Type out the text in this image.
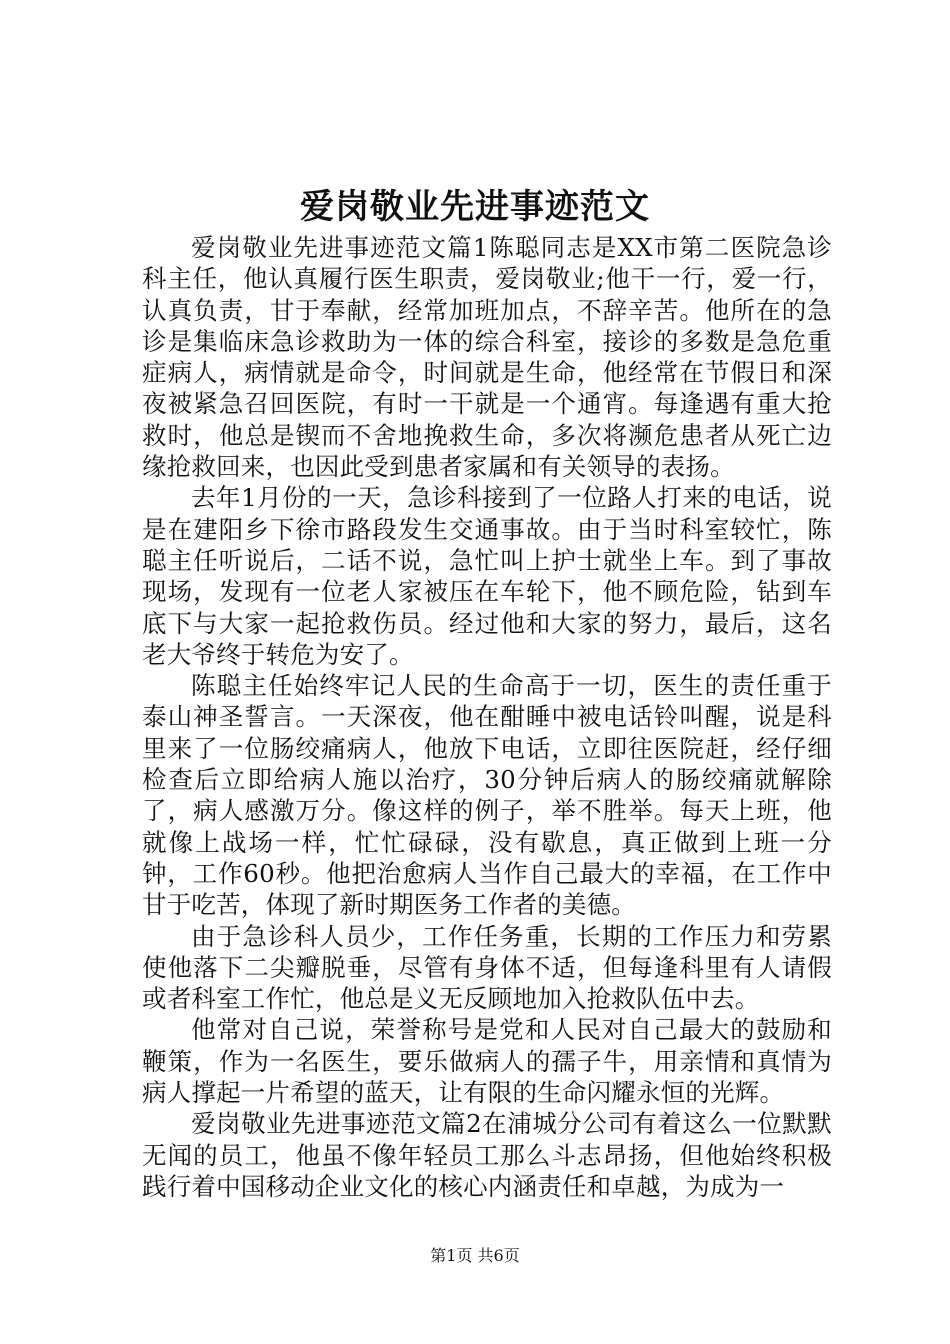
爱岗敬业先进事迹范文

爱岗敬业先进事迹范文篇1陈聪同志是XX市第二医院急诊科主任，他认真履行医生职责，爱岗敬业;他干一行，爱一行，认真负责，甘于奉献，经常加班加点，不辞辛苦。他所在的急诊是集临床急诊救助为一体的综合科室，接诊的多数是急危重症病人，病情就是命令，时间就是生命，他经常在节假日和深夜被紧急召回医院，有时一干就是一个通宵。每逢遇有重大抢救时，他总是锲而不舍地挽救生命，多次将濒危患者从死亡边缘抢救回来，也因此受到患者家属和有关领导的表扬。

去年1月份的一天，急诊科接到了一位路人打来的电话，说是在建阳乡下徐市路段发生交通事故。由于当时科室较忙，陈聪主任听说后，二话不说，急忙叫上护士就坐上车。到了事故现场，发现有一位老人家被压在车轮下，他不顾危险，钻到车底下与大家一起抢救伤员。经过他和大家的努力，最后，这名老大爷终于转危为安了。

陈聪主任始终牢记人民的生命高于一切，医生的责任重于泰山神圣誓言。一天深夜，他在酣睡中被电话铃叫醒，说是科里来了一位肠绞痛病人，他放下电话，立即往医院赶，经仔细检查后立即给病人施以治疗，30分钟后病人的肠绞痛就解除了，病人感激万分。像这样的例子，举不胜举。每天上班，他就像上战场一样，忙忙碌碌，没有歇息，真正做到上班一分钟，工作60秒。他把治愈病人当作自己最大的幸福，在工作中甘于吃苦，体现了新时期医务工作者的美德。

由于急诊科人员少，工作任务重，长期的工作压力和劳累使他落下二尖瓣脱垂，尽管有身体不适，但每逢科里有人请假或者科室工作忙，他总是义无反顾地加入抢救队伍中去。

他常对自己说，荣誉称号是党和人民对自己最大的鼓励和鞭策，作为一名医生，要乐做病人的孺子牛，用亲情和真情为病人撑起一片希望的蓝天，让有限的生命闪耀永恒的光辉。

爱岗敬业先进事迹范文篇2在浦城分公司有着这么一位默默无闻的员工，他虽不像年轻员工那么斗志昂扬，但他始终积极践行着中国移动企业文化的核心内涵责任和卓越，为成为一

第1页 共6页
